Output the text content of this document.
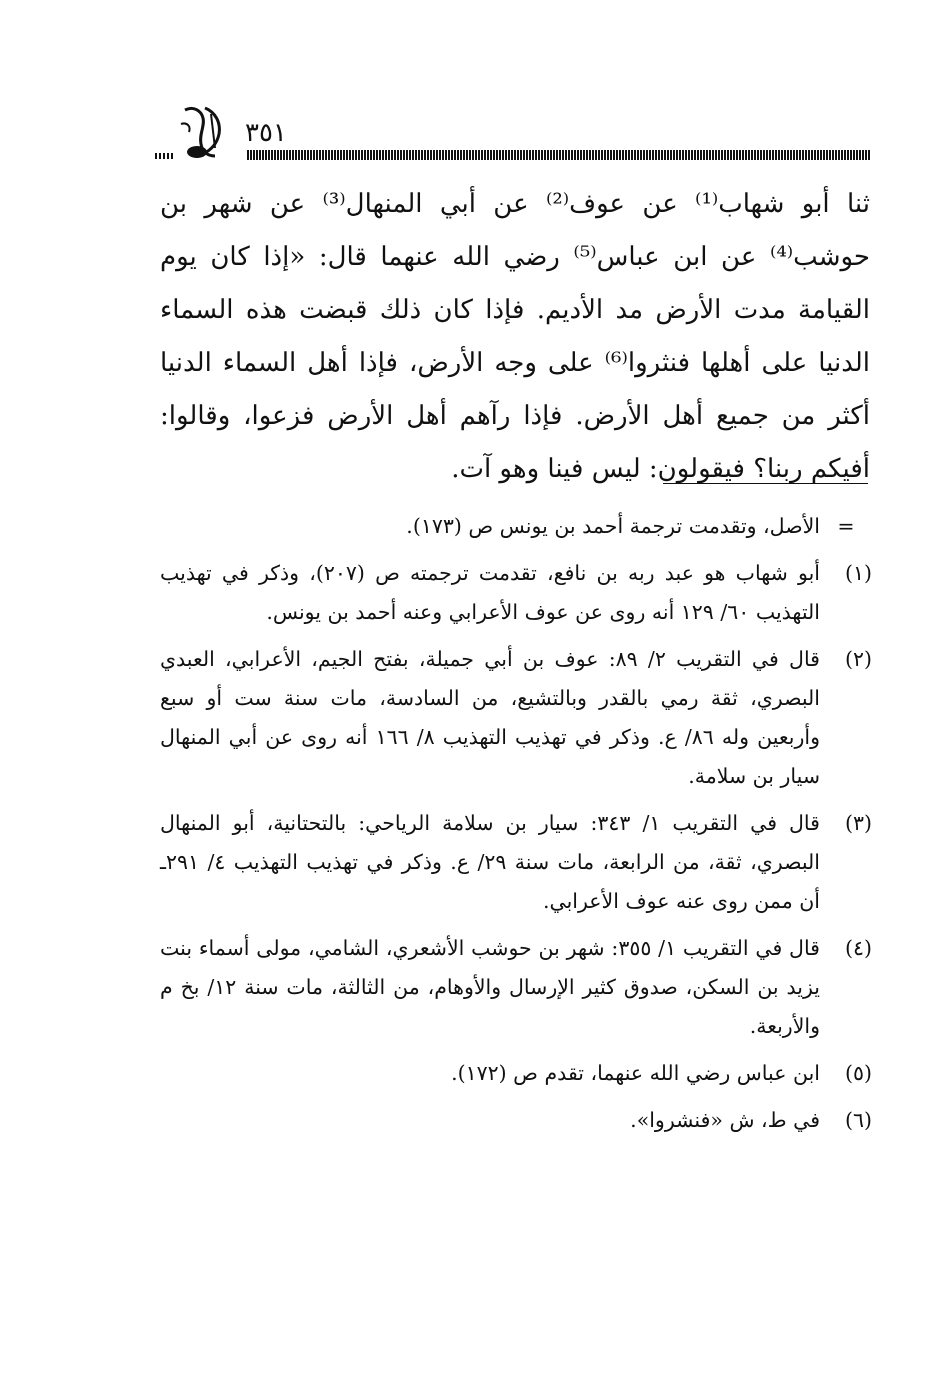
٣٥١

ثنا أبو شهاب⁽¹⁾ عن عوف⁽²⁾ عن أبي المنهال⁽³⁾ عن شهر بن حوشب⁽⁴⁾ عن ابن عباس⁽⁵⁾ رضي الله عنهما قال: «إذا كان يوم القيامة مدت الأرض مد الأديم. فإذا كان ذلك قبضت هذه السماء الدنيا على أهلها فنثروا⁽⁶⁾ على وجه الأرض، فإذا أهل السماء الدنيا أكثر من جميع أهل الأرض. فإذا رآهم أهل الأرض فزعوا، وقالوا: أفيكم ربنا؟ فيقولون: ليس فينا وهو آت.

=
الأصل، وتقدمت ترجمة أحمد بن يونس ص (١٧٣).
(١)
أبو شهاب هو عبد ربه بن نافع، تقدمت ترجمته ص (٢٠٧)، وذكر في تهذيب التهذيب ٦٠/ ١٢٩ أنه روى عن عوف الأعرابي وعنه أحمد بن يونس.
(٢)
قال في التقريب ٢/ ٨٩: عوف بن أبي جميلة، بفتح الجيم، الأعرابي، العبدي البصري، ثقة رمي بالقدر وبالتشيع، من السادسة، مات سنة ست أو سبع وأربعين وله ٨٦/ ع. وذكر في تهذيب التهذيب ٨/ ١٦٦ أنه روى عن أبي المنهال سيار بن سلامة.
(٣)
قال في التقريب ١/ ٣٤٣: سيار بن سلامة الرياحي: بالتحتانية، أبو المنهال البصري، ثقة، من الرابعة، مات سنة ٢٩/ ع. وذكر في تهذيب التهذيب ٤/ ٢٩١ـ أن ممن روى عنه عوف الأعرابي.
(٤)
قال في التقريب ١/ ٣٥٥: شهر بن حوشب الأشعري، الشامي، مولى أسماء بنت يزيد بن السكن، صدوق كثير الإرسال والأوهام، من الثالثة، مات سنة ١٢/ بخ م والأربعة.
(٥)
ابن عباس رضي الله عنهما، تقدم ص (١٧٢).
(٦)
في ط، ش «فنشروا».
